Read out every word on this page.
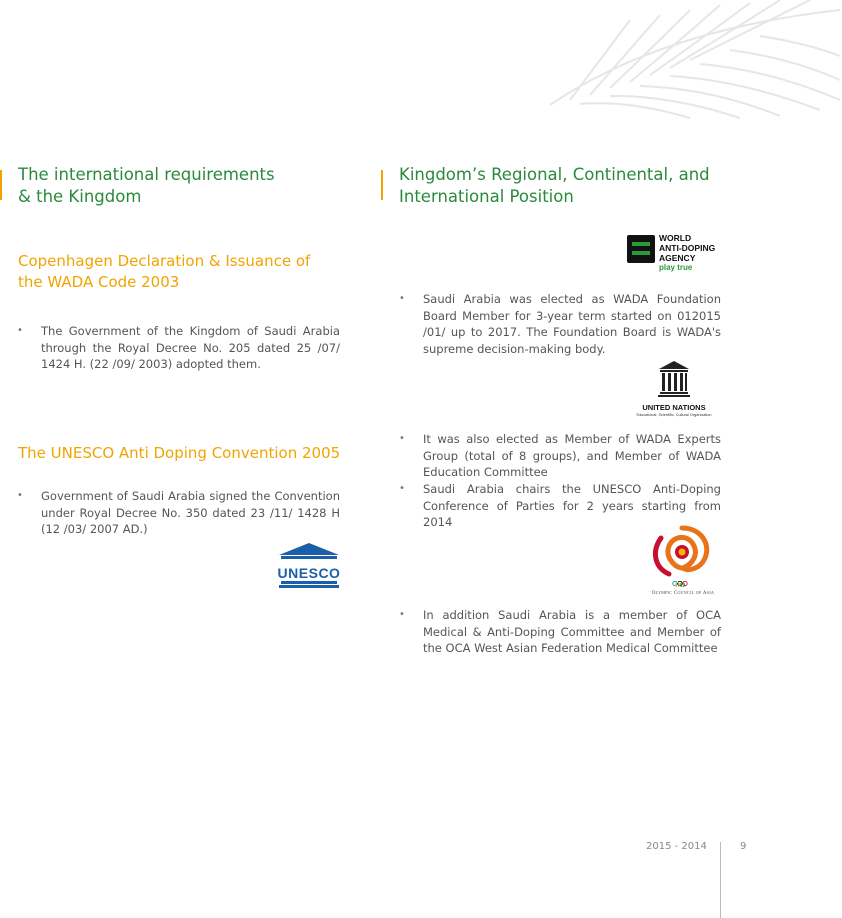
The international requirements
& the Kingdom
Copenhagen Declaration & Issuance of the WADA Code 2003
• The Government of the Kingdom of Saudi Arabia through the Royal Decree No. 205 dated 25 /07/ 1424 H. (22 /09/ 2003) adopted them.
The UNESCO Anti Doping Convention 2005
• Government of Saudi Arabia signed the Convention under Royal Decree No. 350 dated 23 /11/ 1428 H (12 /03/ 2007 AD.)
UNESCO
Kingdom’s Regional, Continental, and
International Position
WORLD
ANTI-DOPING
AGENCY
play true
• Saudi Arabia was elected as WADA Foundation Board Member for 3-year term started on 012015 /01/ up to 2017. The Foundation Board is WADA's supreme decision-making body.
UNITED NATIONS
Educational, Scientific, Cultural Organization
• It was also elected as Member of WADA Experts Group (total of 8 groups), and Member of WADA Education Committee
• Saudi Arabia chairs the UNESCO Anti-Doping Conference of Parties for 2 years starting from 2014
Olympic Council of Asia
• In addition Saudi Arabia is a member of OCA Medical & Anti-Doping Committee and Member of the OCA West Asian Federation Medical Committee
2015 - 2014	9
